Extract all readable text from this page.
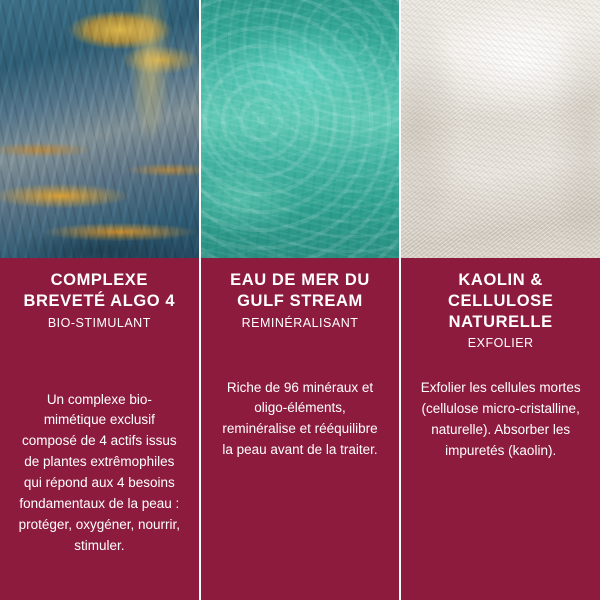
COMPLEXE BREVETÉ ALGO 4

BIO-STIMULANT

Un complexe bio-mimétique exclusif composé de 4 actifs issus de plantes extrêmophiles qui répond aux 4 besoins fondamentaux de la peau : protéger, oxygéner, nourrir, stimuler.

EAU DE MER DU GULF STREAM

REMINÉRALISANT

Riche de 96 minéraux et oligo-éléments, reminéralise et rééquilibre la peau avant de la traiter.

KAOLIN & CELLULOSE NATURELLE

EXFOLIER

Exfolier les cellules mortes (cellulose micro-cristalline, naturelle). Absorber les impuretés (kaolin).
